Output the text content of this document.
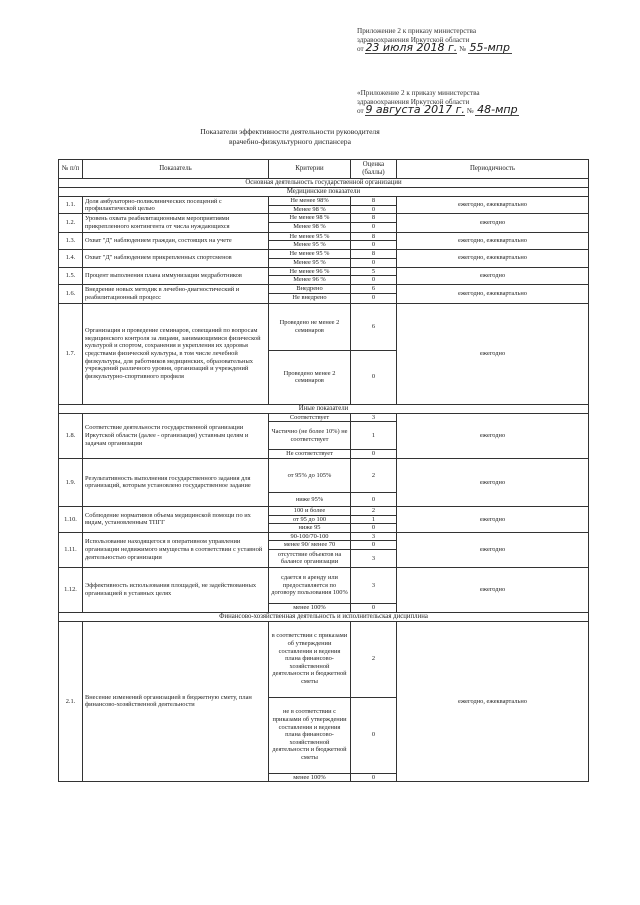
Приложение 2 к приказу министерства
здравоохранения Иркутской области
от 23 июля 2018 г. № 55-мпр
«Приложение 2 к приказу министерства
здравоохранения Иркутской области
от 9 августа 2017 г. № 48-мпр
Показатели эффективности деятельности руководителя
врачебно-физкультурного диспансера
№ п/п	Показатель	Критерии	Оценка (баллы)	Периодичность
Основная деятельность государственной организации				
Медицинские показатели				
1.1.	Доля амбулаторно-поликлинических посещений с профилактической целью	Не менее 98%	8	ежегодно, ежеквартально
		Менее 98 %	0	
1.2.	Уровень охвата реабилитационными мероприятиями прикрепленного контингента от числа нуждающихся	Не менее 98 %	8	ежегодно
		Менее 98 %	0	
1.3.	Охват "Д" наблюдением граждан, состоящих на учете	Не менее 95 %	8	ежегодно, ежеквартально
		Менее 95 %	0	
1.4.	Охват "Д" наблюдением прикрепленных спортсменов	Не менее 95 %	8	ежегодно, ежеквартально
		Менее 95 %	0	
1.5.	Процент выполнения плана иммунизации медработников	Не менее 96 %	5	ежегодно
		Менее 96 %	0	
1.6.	Внедрение новых методик в лечебно-диагностический и реабилитационный процесс	Внедрено	6	ежегодно, ежеквартально
		Не внедрено	0	
1.7.	Организация и проведение семинаров, совещаний по вопросам медицинского контроля за лицами, занимающимися физической культурой и спортом, сохранения и укрепления их здоровья средствами физической культуры, в том числе лечебной физкультуры, для работников медицинских, образовательных учреждений различного уровня, организаций и учреждений физкультурно-спортивного профиля	Проведено не менее 2 семинаров	6	ежегодно
		Проведено менее 2 семинаров	0	
Иные показатели				
1.8.	Соответствие деятельности государственной организации Иркутской области (далее - организация) уставным целям и задачам организации	Соответствует	3	ежегодно
		Частично (не более 10%) не соответствует	1	
		Не соответствует	0	
1.9.	Результативность выполнения государственного задания для организаций, которым установлено государственное задание	от 95% до 105%	2	ежегодно
		ниже 95%	0	
1.10.	Соблюдение нормативов объема медицинской помощи по их видам, установленным ТПГГ	100 и более	2	ежегодно
		от 95 до 100	1	
		ниже 95	0	
1.11.	Использование находящегося в оперативном управлении организации недвижимого имущества в соответствии с уставной деятельностью организации	90-100/70-100	3	ежегодно
		менее 90/ менее 70	0	
		отсутствие объектов на балансе организации	3	
1.12.	Эффективность использования площадей, не задействованных организацией в уставных целях	сдается в аренду или предоставляется по договору пользования 100%	3	ежегодно
		менее 100%	0	
Финансово-хозяйственная деятельность и исполнительская дисциплина				
2.1.	Внесение изменений организацией в бюджетную смету, план финансово-хозяйственной деятельности	в соответствии с приказами об утверждении составления и ведения плана финансово-хозяйственной деятельности и бюджетной сметы	2	ежегодно, ежеквартально
		не в соответствии с приказами об утверждении составления и ведения плана финансово-хозяйственной деятельности и бюджетной сметы	0	
		менее 100%	0	
